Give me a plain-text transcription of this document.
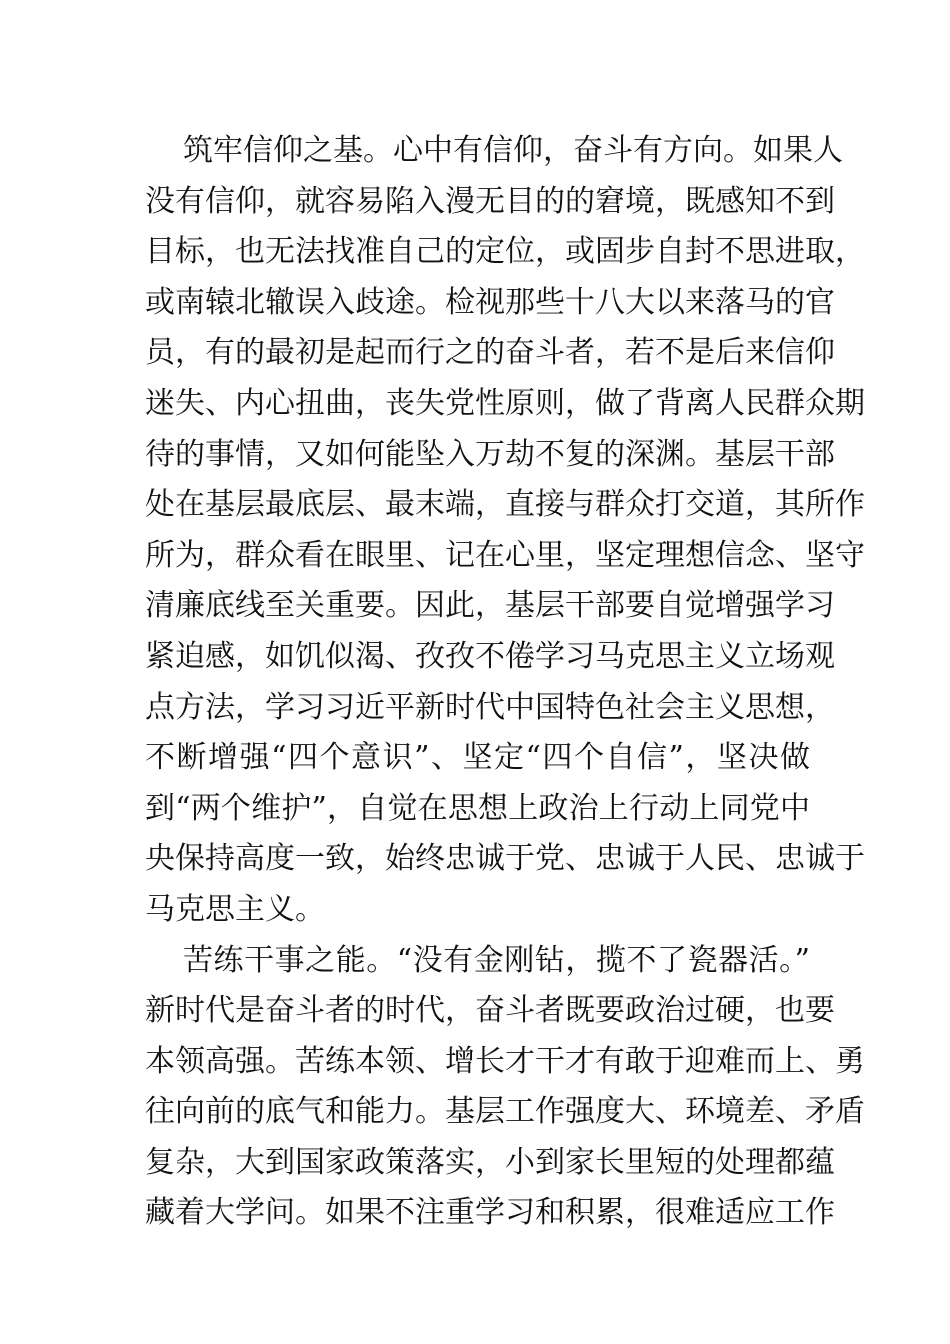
筑牢信仰之基。心中有信仰，奋斗有方向。如果人
没有信仰，就容易陷入漫无目的的窘境，既感知不到
目标，也无法找准自己的定位，或固步自封不思进取，
或南辕北辙误入歧途。检视那些十八大以来落马的官
员，有的最初是起而行之的奋斗者，若不是后来信仰
迷失、内心扭曲，丧失党性原则，做了背离人民群众期
待的事情，又如何能坠入万劫不复的深渊。基层干部
处在基层最底层、最末端，直接与群众打交道，其所作
所为，群众看在眼里、记在心里，坚定理想信念、坚守
清廉底线至关重要。因此，基层干部要自觉增强学习
紧迫感，如饥似渴、孜孜不倦学习马克思主义立场观
点方法，学习习近平新时代中国特色社会主义思想，
不断增强“四个意识”、坚定“四个自信”，坚决做
到“两个维护”，自觉在思想上政治上行动上同党中
央保持高度一致，始终忠诚于党、忠诚于人民、忠诚于
马克思主义。
苦练干事之能。“没有金刚钻，揽不了瓷器活。”
新时代是奋斗者的时代，奋斗者既要政治过硬，也要
本领高强。苦练本领、增长才干才有敢于迎难而上、勇
往向前的底气和能力。基层工作强度大、环境差、矛盾
复杂，大到国家政策落实，小到家长里短的处理都蕴
藏着大学问。如果不注重学习和积累，很难适应工作
